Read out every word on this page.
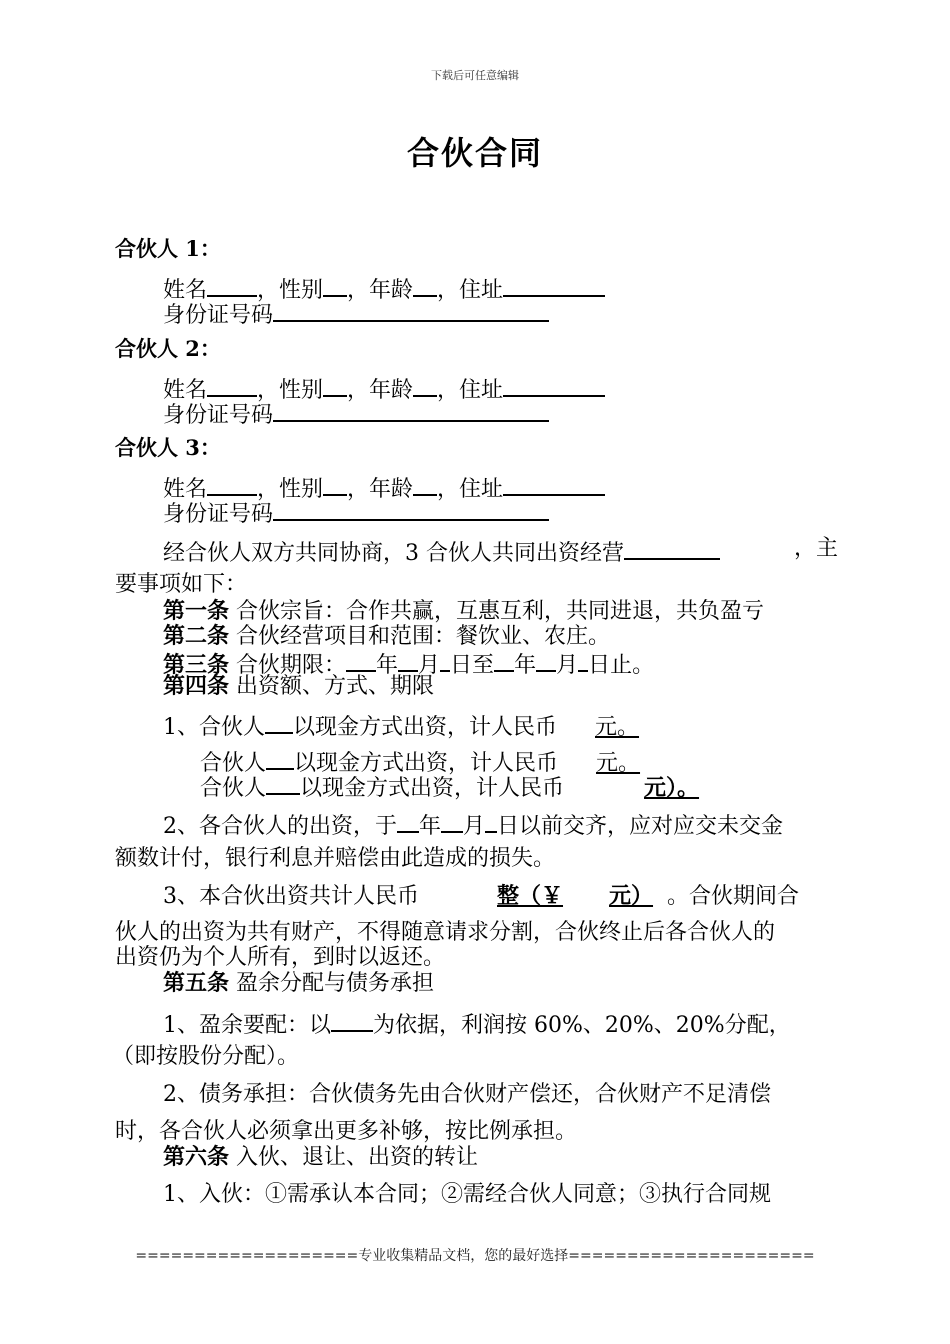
下载后可任意编辑
合伙合同
合伙人 1：
姓名 ，性别 ，年龄 ，住址
身份证号码
合伙人 2：
姓名 ，性别 ，年龄 ，住址
身份证号码
合伙人 3：
姓名 ，性别 ，年龄 ，住址
身份证号码
经合伙人双方共同协商，3 合伙人共同出资经营	，主
要事项如下：
第一条 合伙宗旨：合作共赢，互惠互利，共同进退，共负盈亏
第二条 合伙经营项目和范围：餐饮业、农庄。
第三条 合伙期限： 年 月 日至 年 月 日止。
第四条 出资额、方式、期限
1、合伙人 以现金方式出资，计人民币 元。
合伙人 以现金方式出资，计人民币 元。
合伙人 以现金方式出资，计人民币	元）。
2、各合伙人的出资，于 年 月 日以前交齐，应对应交未交金
额数计付，银行利息并赔偿由此造成的损失。
3、本合伙出资共计人民币	整（￥ 元） 。合伙期间合
伙人的出资为共有财产，不得随意请求分割，合伙终止后各合伙人的
出资仍为个人所有，到时以返还。
第五条 盈余分配与债务承担
1、盈余要配：以 为依据，利润按 60%、20%、20%分配，
（即按股份分配）。
2、债务承担：合伙债务先由合伙财产偿还，合伙财产不足清偿
时，各合伙人必须拿出更多补够，按比例承担。
第六条 入伙、退让、出资的转让
1、入伙：①需承认本合同；②需经合伙人同意；③执行合同规
===================专业收集精品文档，您的最好选择=====================
